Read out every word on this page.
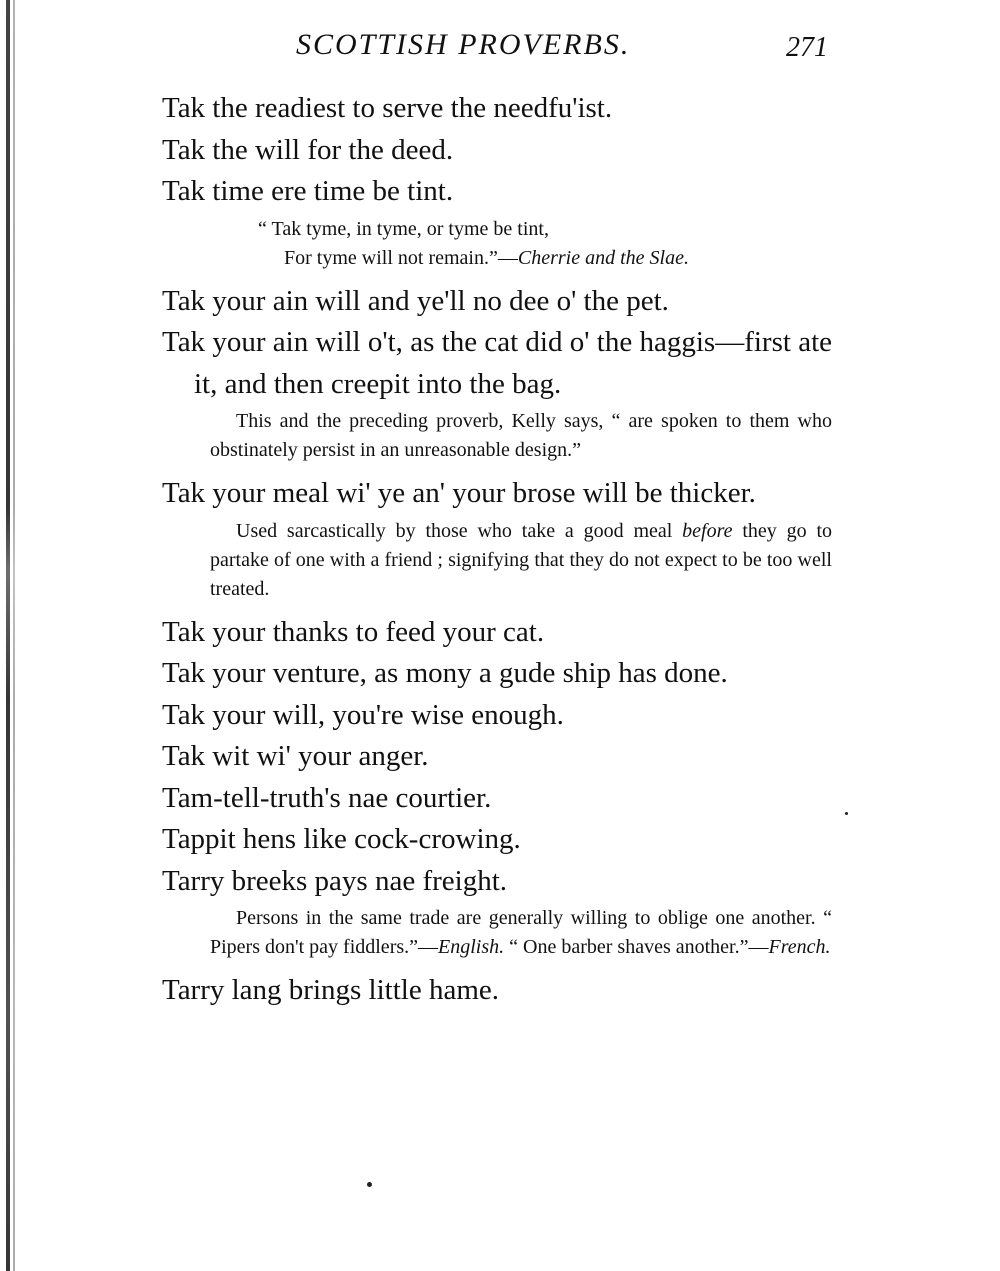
SCOTTISH PROVERBS.	271

Tak the readiest to serve the needfu'ist.

Tak the will for the deed.

Tak time ere time be tint.

“ Tak tyme, in tyme, or tyme be tint,
For tyme will not remain.”—Cherrie and the Slae.

Tak your ain will and ye'll no dee o' the pet.

Tak your ain will o't, as the cat did o' the haggis—first ate it, and then creepit into the bag.

This and the preceding proverb, Kelly says, “ are spoken to them who obstinately persist in an unreasonable design.”

Tak your meal wi' ye an' your brose will be thicker.

Used sarcastically by those who take a good meal before they go to partake of one with a friend ; signifying that they do not expect to be too well treated.

Tak your thanks to feed your cat.

Tak your venture, as mony a gude ship has done.

Tak your will, you're wise enough.

Tak wit wi' your anger.

Tam-tell-truth's nae courtier.

Tappit hens like cock-crowing.

Tarry breeks pays nae freight.

Persons in the same trade are generally willing to oblige one another. “ Pipers don't pay fiddlers.”—English. “ One barber shaves another.”—French.

Tarry lang brings little hame.
